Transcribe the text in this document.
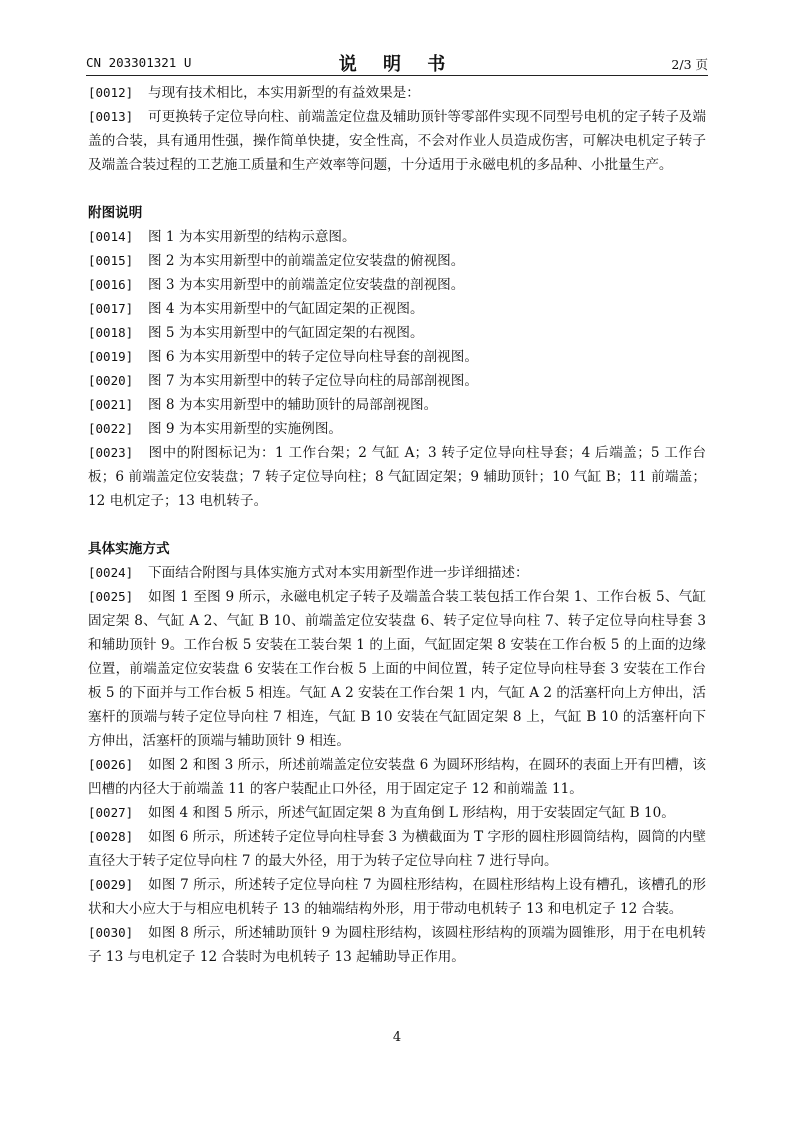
CN 203301321 U	说 明 书	2/3 页

[0012] 与现有技术相比，本实用新型的有益效果是：

[0013] 可更换转子定位导向柱、前端盖定位盘及辅助顶针等零部件实现不同型号电机的定子转子及端盖的合装，具有通用性强，操作简单快捷，安全性高，不会对作业人员造成伤害，可解决电机定子转子及端盖合装过程的工艺施工质量和生产效率等问题，十分适用于永磁电机的多品种、小批量生产。

附图说明

[0014] 图 1 为本实用新型的结构示意图。

[0015] 图 2 为本实用新型中的前端盖定位安装盘的俯视图。

[0016] 图 3 为本实用新型中的前端盖定位安装盘的剖视图。

[0017] 图 4 为本实用新型中的气缸固定架的正视图。

[0018] 图 5 为本实用新型中的气缸固定架的右视图。

[0019] 图 6 为本实用新型中的转子定位导向柱导套的剖视图。

[0020] 图 7 为本实用新型中的转子定位导向柱的局部剖视图。

[0021] 图 8 为本实用新型中的辅助顶针的局部剖视图。

[0022] 图 9 为本实用新型的实施例图。

[0023] 图中的附图标记为：1 工作台架；2 气缸 A；3 转子定位导向柱导套；4 后端盖；5 工作台板；6 前端盖定位安装盘；7 转子定位导向柱；8 气缸固定架；9 辅助顶针；10 气缸 B；11 前端盖；12 电机定子；13 电机转子。

具体实施方式

[0024] 下面结合附图与具体实施方式对本实用新型作进一步详细描述：

[0025] 如图 1 至图 9 所示，永磁电机定子转子及端盖合装工装包括工作台架 1、工作台板 5、气缸固定架 8、气缸 A 2、气缸 B 10、前端盖定位安装盘 6、转子定位导向柱 7、转子定位导向柱导套 3 和辅助顶针 9。工作台板 5 安装在工装台架 1 的上面，气缸固定架 8 安装在工作台板 5 的上面的边缘位置，前端盖定位安装盘 6 安装在工作台板 5 上面的中间位置，转子定位导向柱导套 3 安装在工作台板 5 的下面并与工作台板 5 相连。气缸 A 2 安装在工作台架 1 内，气缸 A 2 的活塞杆向上方伸出，活塞杆的顶端与转子定位导向柱 7 相连，气缸 B 10 安装在气缸固定架 8 上，气缸 B 10 的活塞杆向下方伸出，活塞杆的顶端与辅助顶针 9 相连。

[0026] 如图 2 和图 3 所示，所述前端盖定位安装盘 6 为圆环形结构，在圆环的表面上开有凹槽，该凹槽的内径大于前端盖 11 的客户装配止口外径，用于固定定子 12 和前端盖 11。

[0027] 如图 4 和图 5 所示，所述气缸固定架 8 为直角倒 L 形结构，用于安装固定气缸 B 10。

[0028] 如图 6 所示，所述转子定位导向柱导套 3 为横截面为 T 字形的圆柱形圆筒结构，圆筒的内壁直径大于转子定位导向柱 7 的最大外径，用于为转子定位导向柱 7 进行导向。

[0029] 如图 7 所示，所述转子定位导向柱 7 为圆柱形结构，在圆柱形结构上设有槽孔，该槽孔的形状和大小应大于与相应电机转子 13 的轴端结构外形，用于带动电机转子 13 和电机定子 12 合装。

[0030] 如图 8 所示，所述辅助顶针 9 为圆柱形结构，该圆柱形结构的顶端为圆锥形，用于在电机转子 13 与电机定子 12 合装时为电机转子 13 起辅助导正作用。

4
